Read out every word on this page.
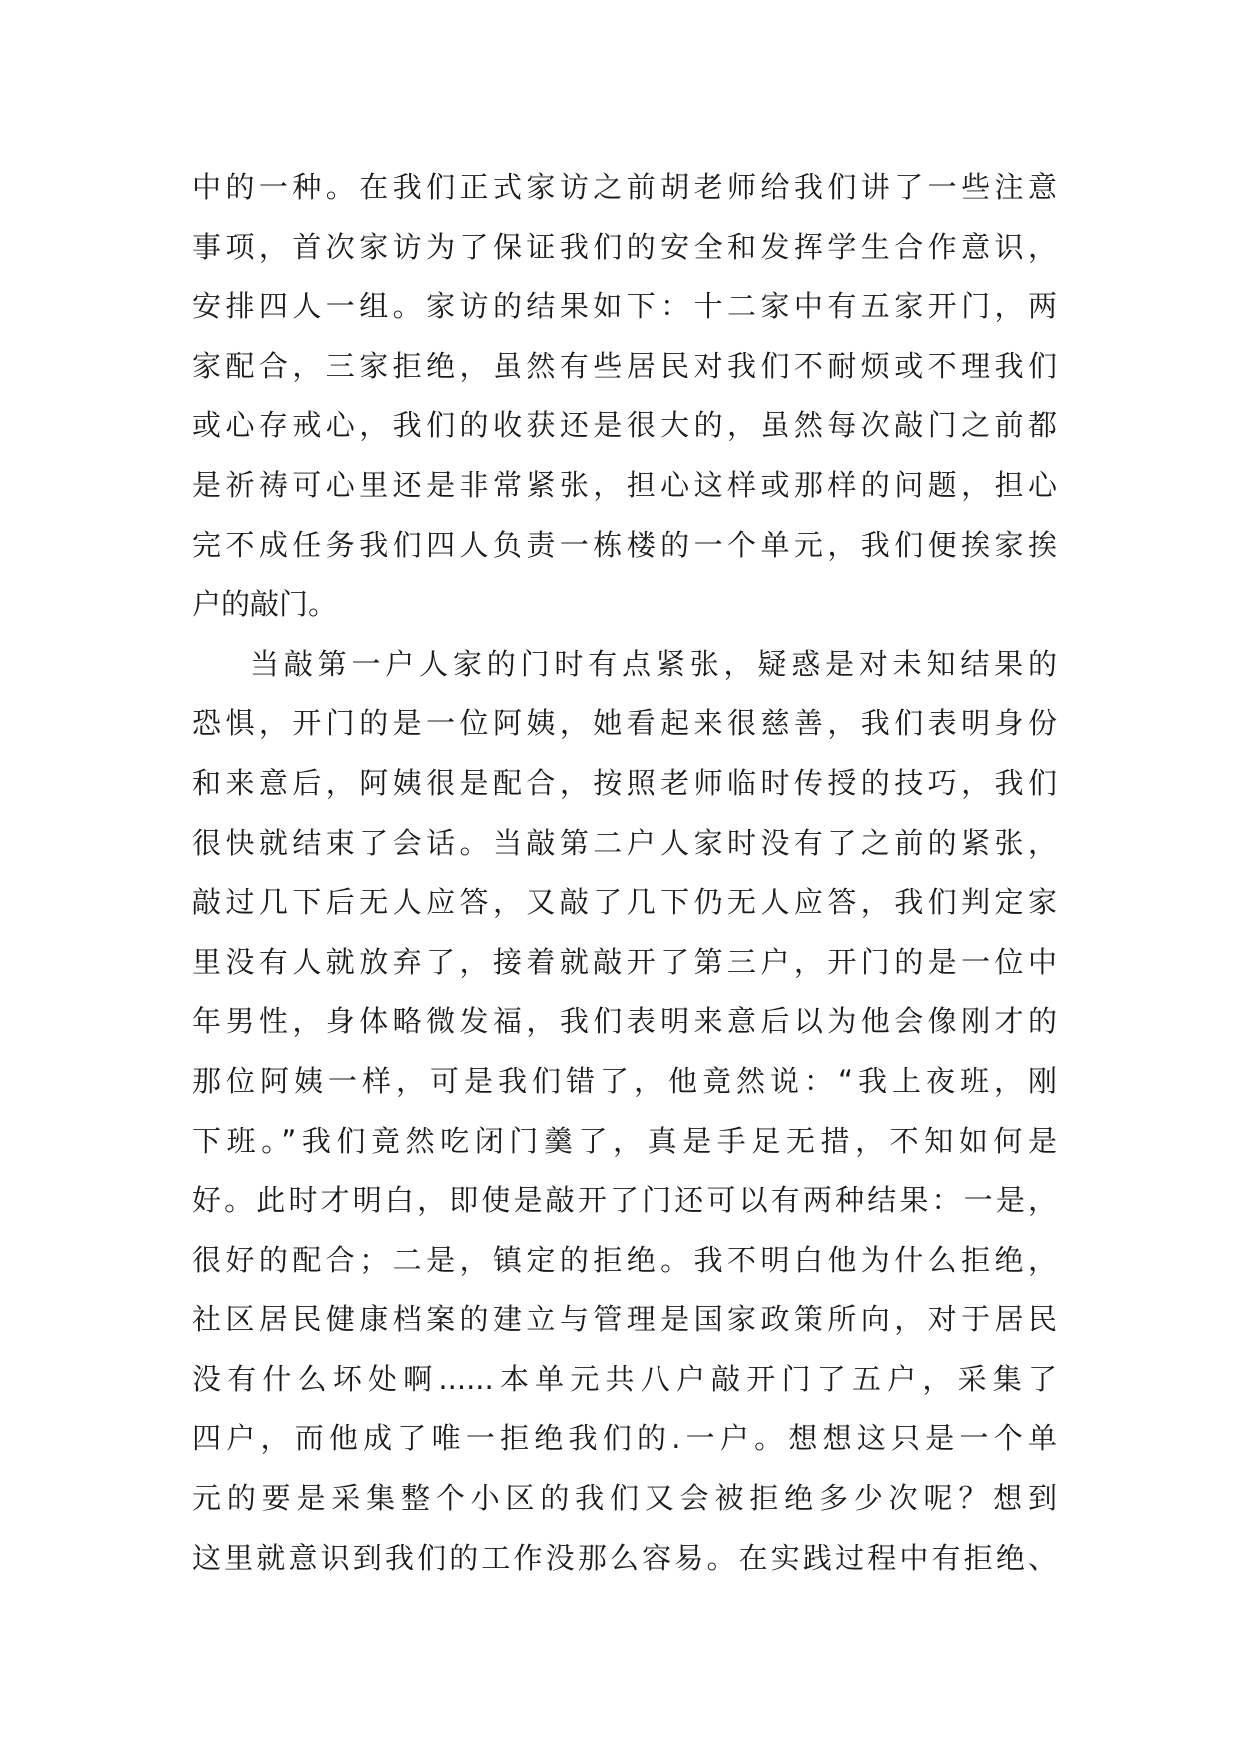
中的一种。在我们正式家访之前胡老师给我们讲了一些注意
事项，首次家访为了保证我们的安全和发挥学生合作意识，
安排四人一组。家访的结果如下：十二家中有五家开门，两
家配合，三家拒绝，虽然有些居民对我们不耐烦或不理我们
或心存戒心，我们的收获还是很大的，虽然每次敲门之前都
是祈祷可心里还是非常紧张，担心这样或那样的问题，担心
完不成任务我们四人负责一栋楼的一个单元，我们便挨家挨
户的敲门。
当敲第一户人家的门时有点紧张，疑惑是对未知结果的
恐惧，开门的是一位阿姨，她看起来很慈善，我们表明身份
和来意后，阿姨很是配合，按照老师临时传授的技巧，我们
很快就结束了会话。当敲第二户人家时没有了之前的紧张，
敲过几下后无人应答，又敲了几下仍无人应答，我们判定家
里没有人就放弃了，接着就敲开了第三户，开门的是一位中
年男性，身体略微发福，我们表明来意后以为他会像刚才的
那位阿姨一样，可是我们错了，他竟然说：“我上夜班，刚
下班。”我们竟然吃闭门羹了，真是手足无措，不知如何是
好。此时才明白，即使是敲开了门还可以有两种结果：一是，
很好的配合；二是，镇定的拒绝。我不明白他为什么拒绝，
社区居民健康档案的建立与管理是国家政策所向，对于居民
没有什么坏处啊......本单元共八户敲开门了五户，采集了
四户，而他成了唯一拒绝我们的.一户。想想这只是一个单
元的要是采集整个小区的我们又会被拒绝多少次呢？想到
这里就意识到我们的工作没那么容易。在实践过程中有拒绝、
